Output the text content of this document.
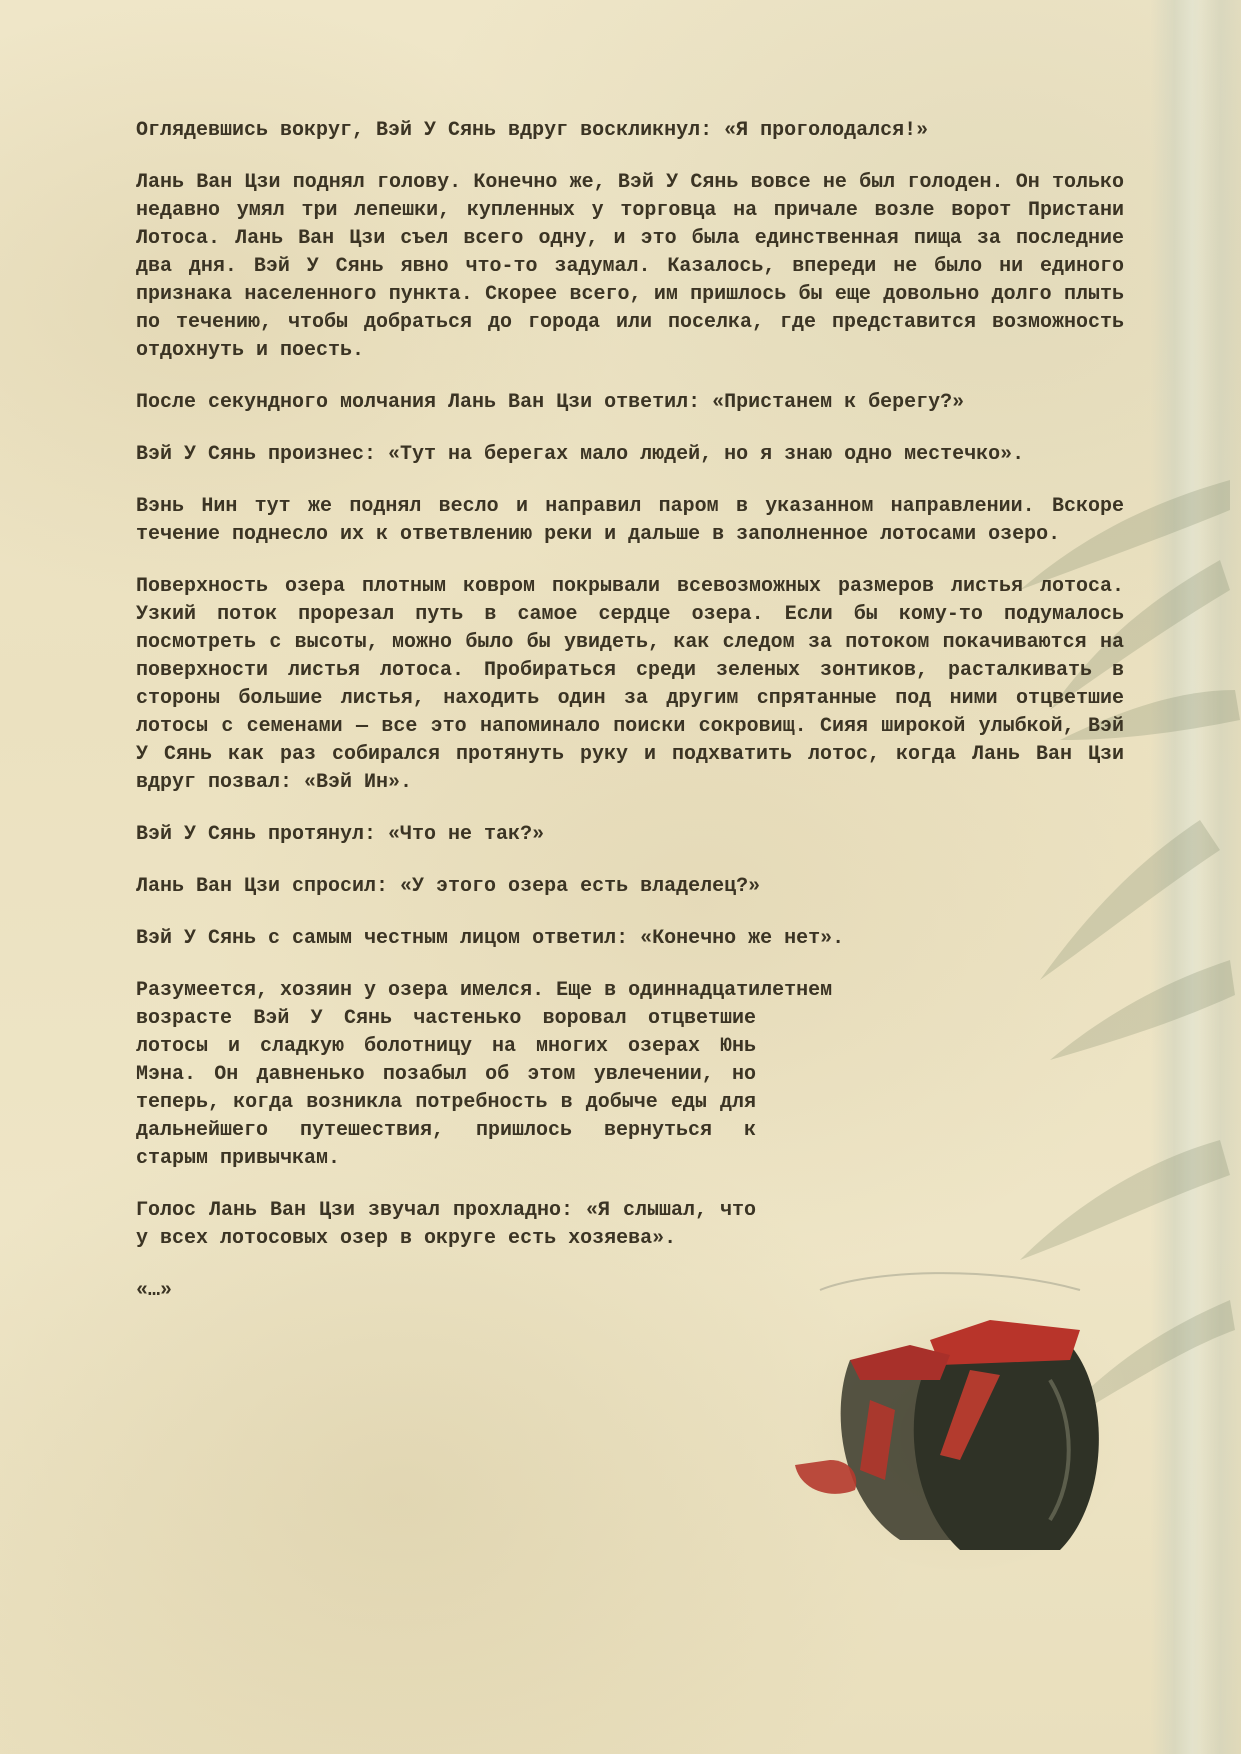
Оглядевшись вокруг, Вэй У Сянь вдруг воскликнул: «Я проголодался!»

Лань Ван Цзи поднял голову. Конечно же, Вэй У Сянь вовсе не был голоден. Он только недавно умял три лепешки, купленных у торговца на причале возле ворот Пристани Лотоса. Лань Ван Цзи съел всего одну, и это была единственная пища за последние два дня. Вэй У Сянь явно что-то задумал. Казалось, впереди не было ни единого признака населенного пункта. Скорее всего, им пришлось бы еще довольно долго плыть по течению, чтобы добраться до города или поселка, где представится возможность отдохнуть и поесть.

После секундного молчания Лань Ван Цзи ответил: «Пристанем к берегу?»

Вэй У Сянь произнес: «Тут на берегах мало людей, но я знаю одно местечко».

Вэнь Нин тут же поднял весло и направил паром в указанном направлении. Вскоре течение поднесло их к ответвлению реки и дальше в заполненное лотосами озеро.

Поверхность озера плотным ковром покрывали всевозможных размеров листья лотоса. Узкий поток прорезал путь в самое сердце озера. Если бы кому-то подумалось посмотреть с высоты, можно было бы увидеть, как следом за потоком покачиваются на поверхности листья лотоса. Пробираться среди зеленых зонтиков, расталкивать в стороны большие листья, находить один за другим спрятанные под ними отцветшие лотосы с семенами — все это напоминало поиски сокровищ. Сияя широкой улыбкой, Вэй У Сянь как раз собирался протянуть руку и подхватить лотос, когда Лань Ван Цзи вдруг позвал: «Вэй Ин».

Вэй У Сянь протянул: «Что не так?»

Лань Ван Цзи спросил: «У этого озера есть владелец?»

Вэй У Сянь с самым честным лицом ответил: «Конечно же нет».

Разумеется, хозяин у озера имелся. Еще в одиннадцатилетнем

возрасте Вэй У Сянь частенько воровал отцветшие лотосы и сладкую болотницу на многих озерах Юнь Мэна. Он давненько позабыл об этом увлечении, но теперь, когда возникла потребность в добыче еды для дальнейшего путешествия, пришлось вернуться к старым привычкам.

Голос Лань Ван Цзи звучал прохладно: «Я слышал, что у всех лотосовых озер в округе есть хозяева».

«…»
